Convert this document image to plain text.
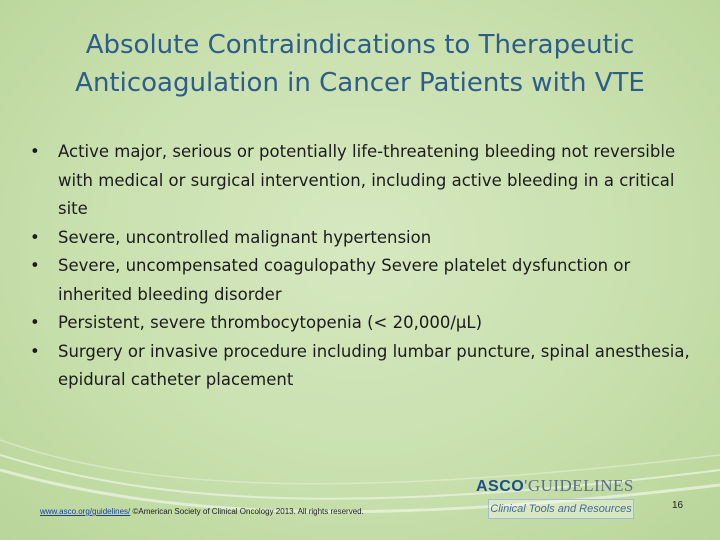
Absolute Contraindications to Therapeutic
Anticoagulation in Cancer Patients with VTE
• Active major, serious or potentially life-threatening bleeding not reversible with medical or surgical intervention, including active bleeding in a critical site
• Severe, uncontrolled malignant hypertension
• Severe, uncompensated coagulopathy Severe platelet dysfunction or inherited bleeding disorder
• Persistent, severe thrombocytopenia (< 20,000/µL)
• Surgery or invasive procedure including lumbar puncture, spinal anesthesia, epidural catheter placement
www.asco.org/guidelines/ ©American Society of Clinical Oncology 2013. All rights reserved.
ASCO'GUIDELINES
Clinical Tools and Resources	16
